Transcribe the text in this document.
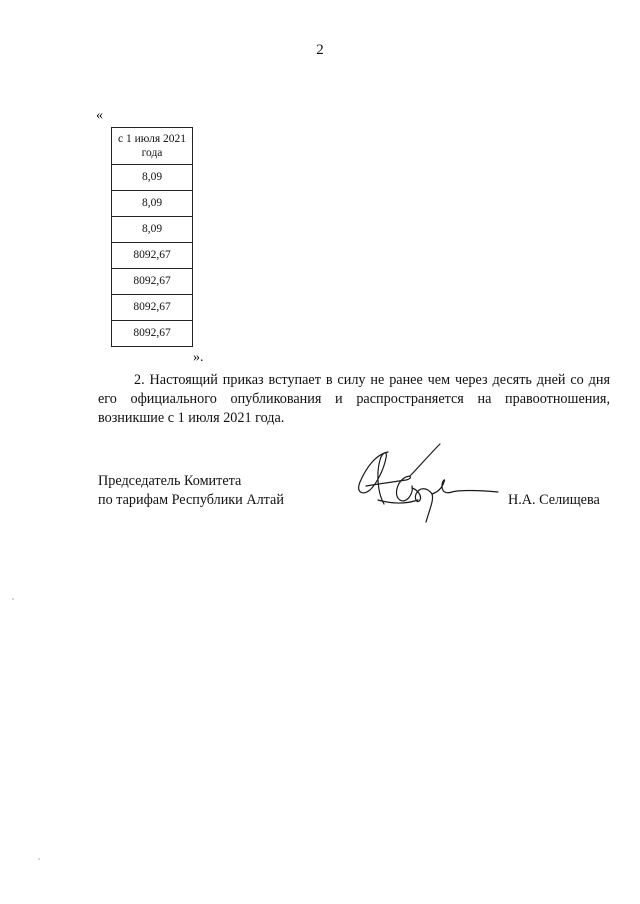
2
«
с 1 июля 2021 года
8,09
8,09
8,09
8092,67
8092,67
8092,67
8092,67
».

2. Настоящий приказ вступает в силу не ранее чем через десять дней со дня его официального опубликования и распространяется на правоотношения, возникшие с 1 июля 2021 года.

Председатель Комитета
по тарифам Республики Алтай	Н.А. Селищева
